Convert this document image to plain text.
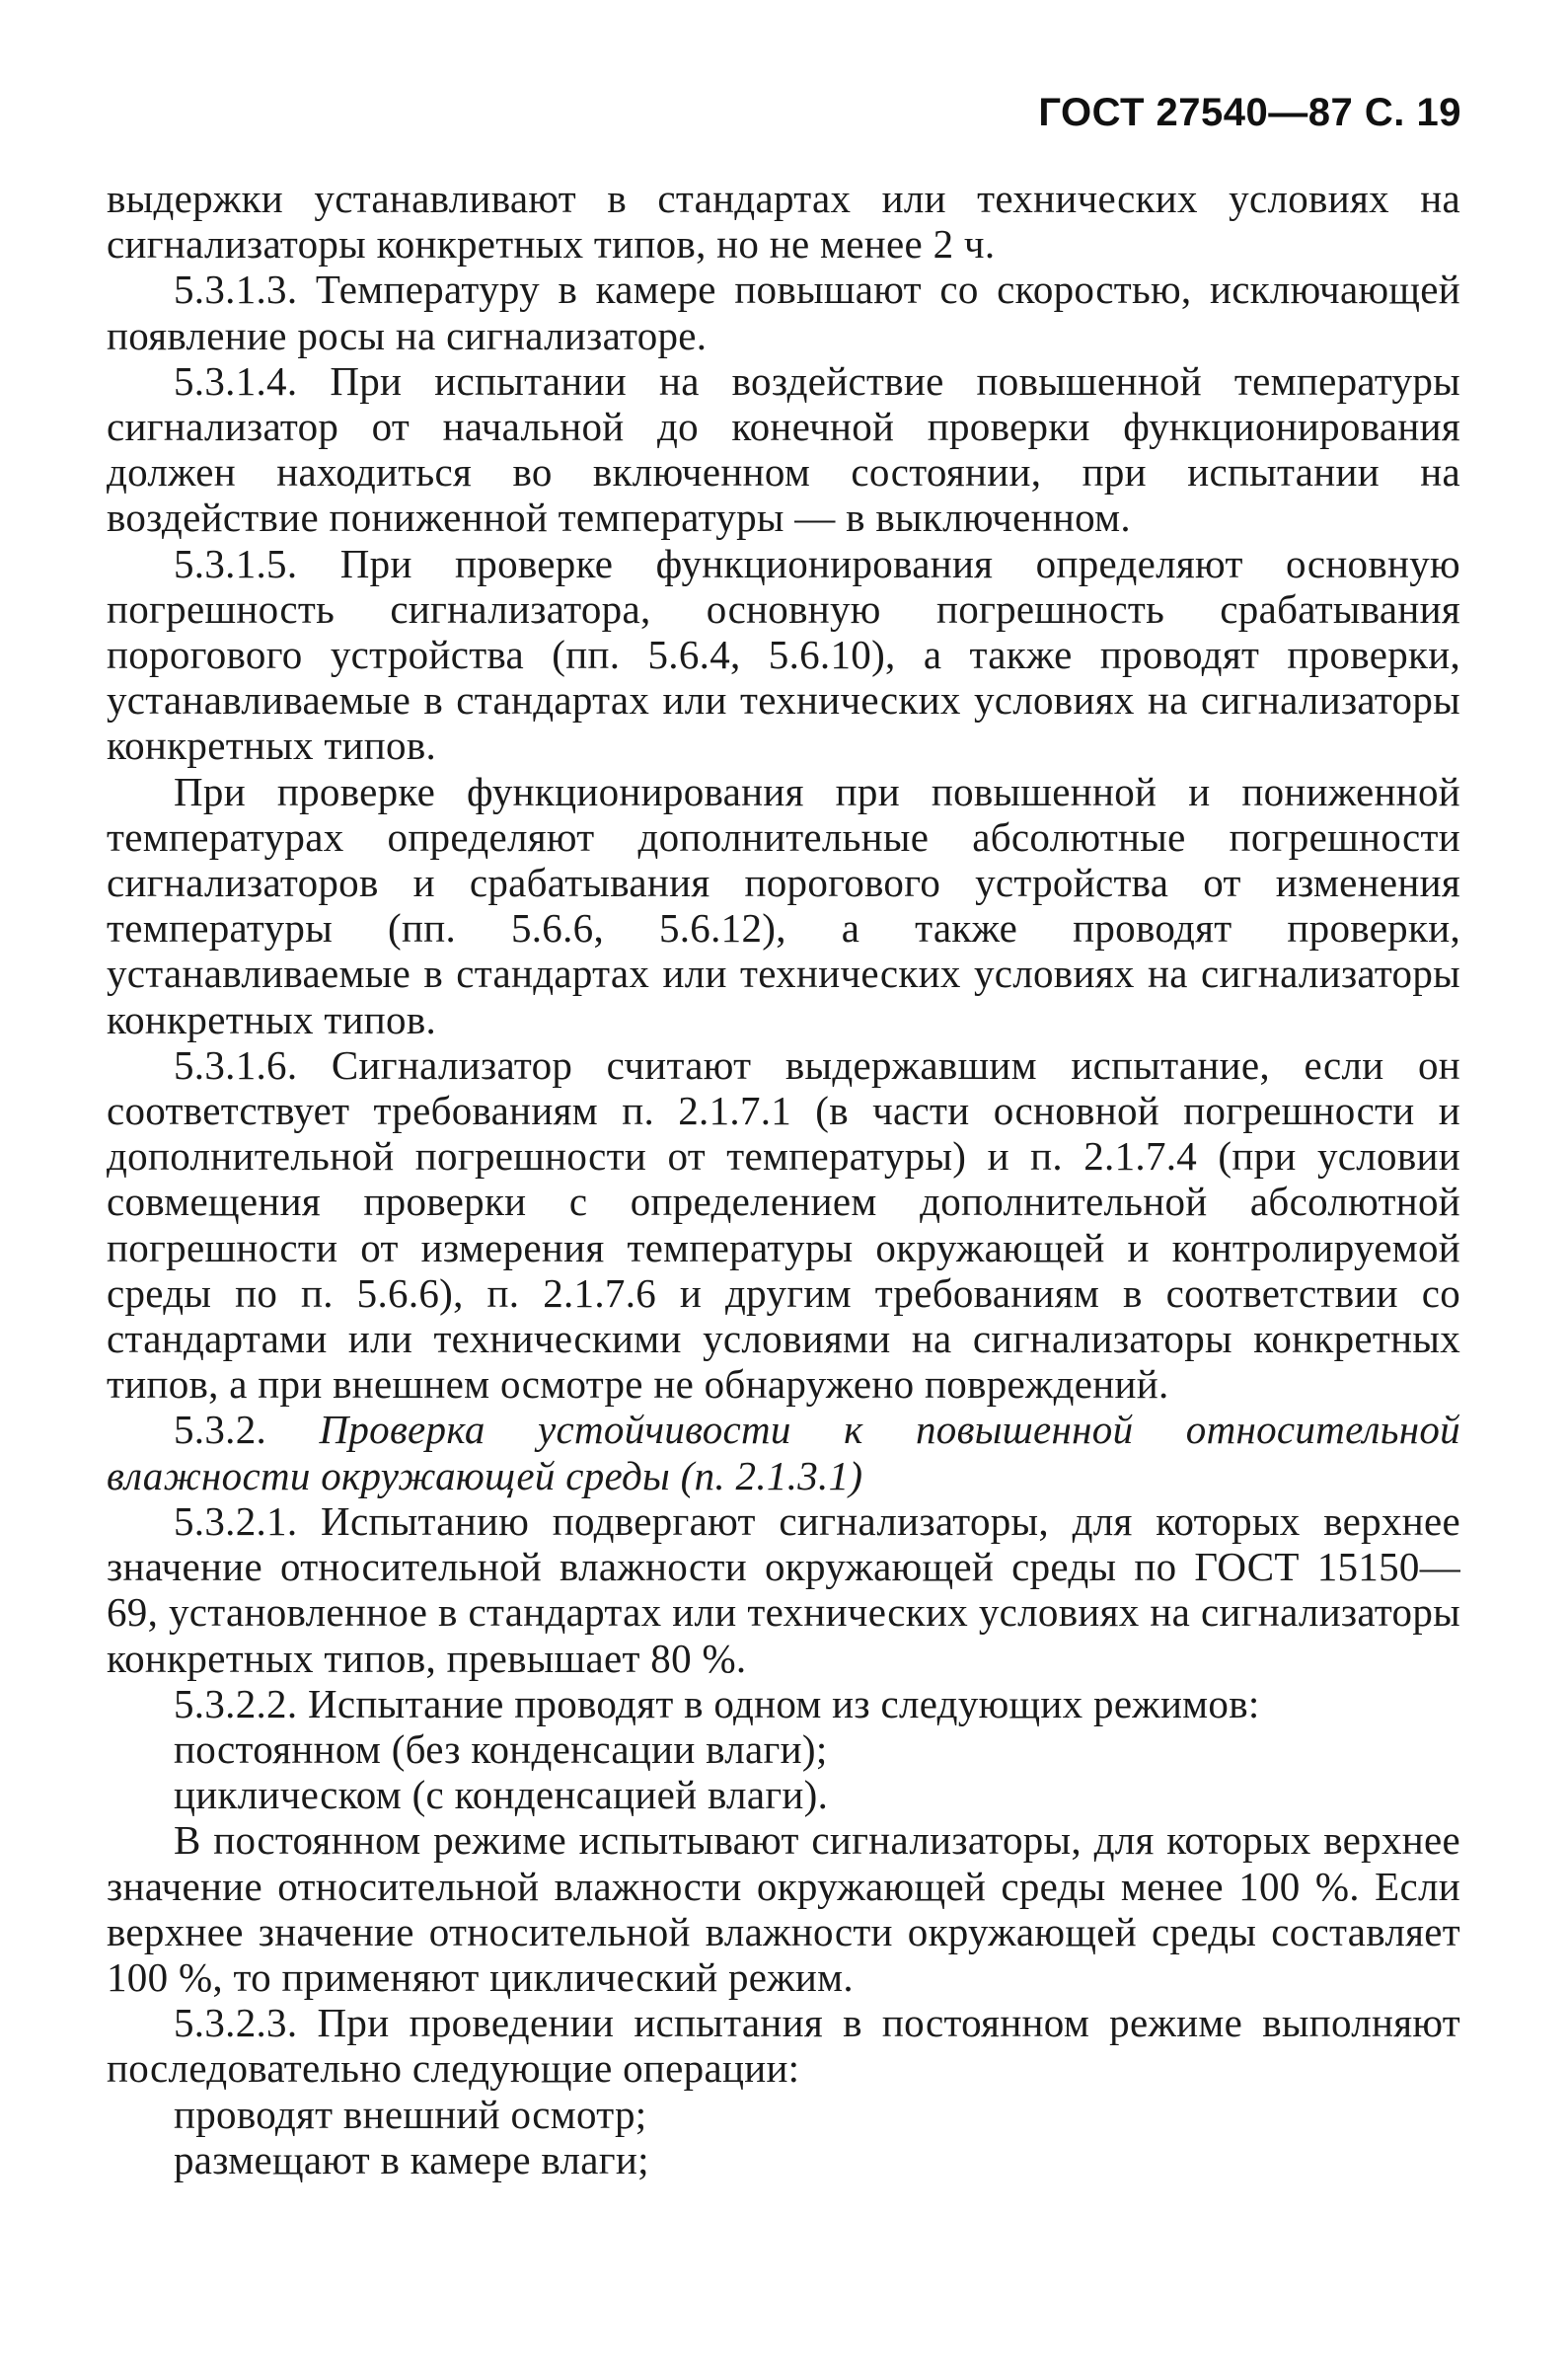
ГОСТ 27540—87 С. 19

выдержки устанавливают в стандартах или технических условиях на сигнализаторы конкретных типов, но не менее 2 ч.

5.3.1.3. Температуру в камере повышают со скоростью, исключающей появление росы на сигнализаторе.

5.3.1.4. При испытании на воздействие повышенной температуры сигнализатор от начальной до конечной проверки функционирования должен находиться во включенном состоянии, при испытании на воздействие пониженной температуры — в выключенном.

5.3.1.5. При проверке функционирования определяют основную погрешность сигнализатора, основную погрешность срабатывания порогового устройства (пп. 5.6.4, 5.6.10), а также проводят проверки, устанавливаемые в стандартах или технических условиях на сигнализаторы конкретных типов.

При проверке функционирования при повышенной и пониженной температурах определяют дополнительные абсолютные погрешности сигнализаторов и срабатывания порогового устройства от изменения температуры (пп. 5.6.6, 5.6.12), а также проводят проверки, устанавливаемые в стандартах или технических условиях на сигнализаторы конкретных типов.

5.3.1.6. Сигнализатор считают выдержавшим испытание, если он соответствует требованиям п. 2.1.7.1 (в части основной погрешности и дополнительной погрешности от температуры) и п. 2.1.7.4 (при условии совмещения проверки с определением дополнительной абсолютной погрешности от измерения температуры окружающей и контролируемой среды по п. 5.6.6), п. 2.1.7.6 и другим требованиям в соответствии со стандартами или техническими условиями на сигнализаторы конкретных типов, а при внешнем осмотре не обнаружено повреждений.

5.3.2. Проверка устойчивости к повышенной относительной влажности окружающей среды (п. 2.1.3.1)

5.3.2.1. Испытанию подвергают сигнализаторы, для которых верхнее значение относительной влажности окружающей среды по ГОСТ 15150—69, установленное в стандартах или технических условиях на сигнализаторы конкретных типов, превышает 80 %.

5.3.2.2. Испытание проводят в одном из следующих режимов:

постоянном (без конденсации влаги);

циклическом (с конденсацией влаги).

В постоянном режиме испытывают сигнализаторы, для которых верхнее значение относительной влажности окружающей среды менее 100 %. Если верхнее значение относительной влажности окружающей среды составляет 100 %, то применяют циклический режим.

5.3.2.3. При проведении испытания в постоянном режиме выполняют последовательно следующие операции:

проводят внешний осмотр;

размещают в камере влаги;
